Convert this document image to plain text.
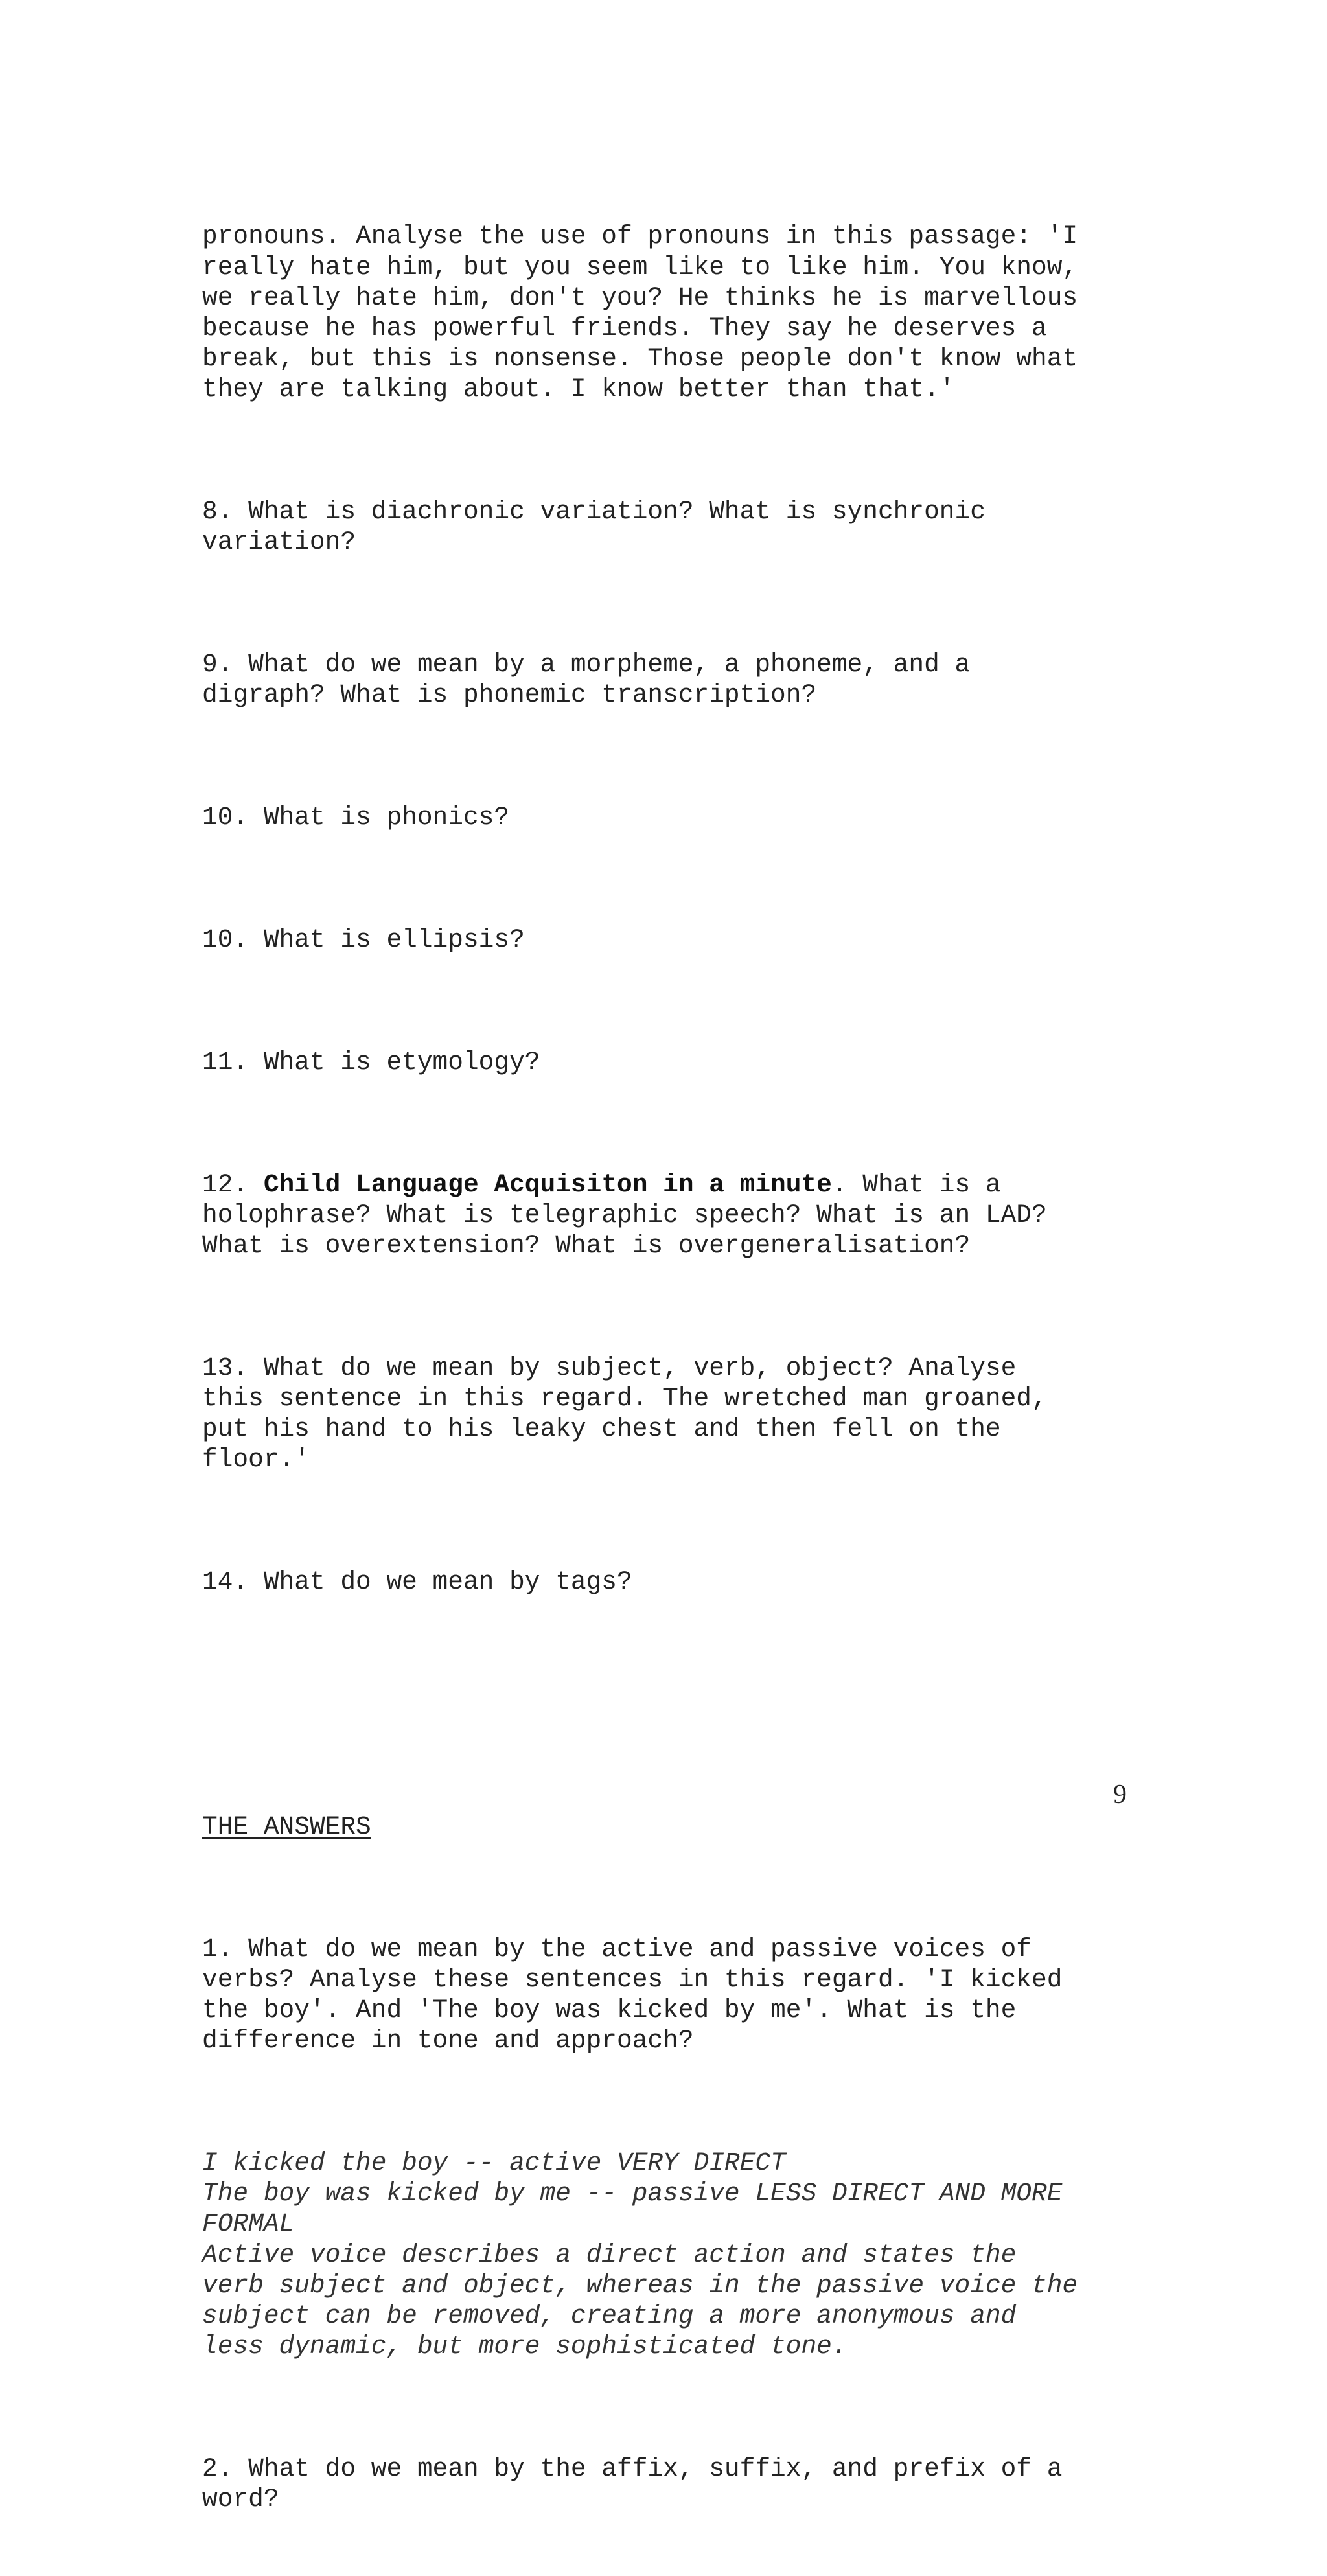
pronouns. Analyse the use of pronouns in this passage: 'I
really hate him, but you seem like to like him. You know,
we really hate him, don't you? He thinks he is marvellous
because he has powerful friends. They say he deserves a
break, but this is nonsense. Those people don't know what
they are talking about. I know better than that.'

8. What is diachronic variation? What is synchronic
variation?

9. What do we mean by a morpheme, a phoneme, and a
digraph? What is phonemic transcription?

10. What is phonics?

10. What is ellipsis?

11. What is etymology?

12. Child Language Acquisiton in a minute. What is a
holophrase? What is telegraphic speech? What is an LAD?
What is overextension? What is overgeneralisation?

13. What do we mean by subject, verb, object? Analyse
this sentence in this regard. The wretched man groaned,
put his hand to his leaky chest and then fell on the
floor.'

14. What do we mean by tags?

THE ANSWERS

1. What do we mean by the active and passive voices of
verbs? Analyse these sentences in this regard. 'I kicked
the boy'. And 'The boy was kicked by me'. What is the
difference in tone and approach?

I kicked the boy -- active VERY DIRECT
The boy was kicked by me -- passive LESS DIRECT AND MORE
FORMAL
Active voice describes a direct action and states the
verb subject and object, whereas in the passive voice the
subject can be removed, creating a more anonymous and
less dynamic, but more sophisticated tone.

2. What do we mean by the affix, suffix, and prefix of a
word?

9
